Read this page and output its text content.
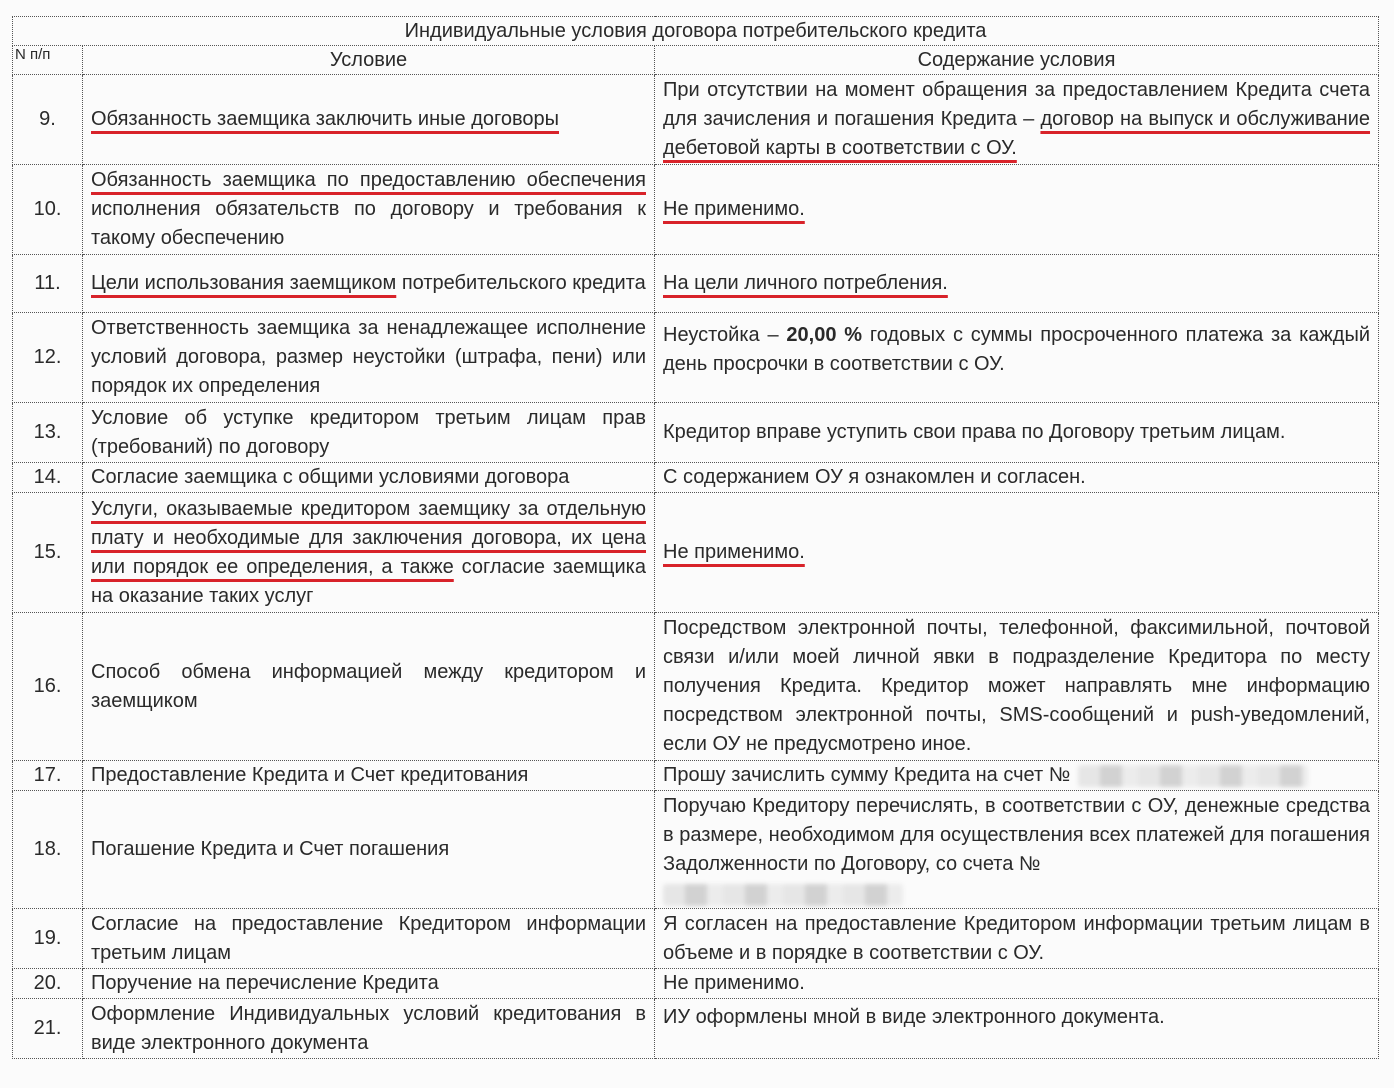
Индивидуальные условия договора потребительского кредита		
N п/п	Условие	Содержание условия
9.	Обязанность заемщика заключить иные договоры	При отсутствии на момент обращения за предоставлением Кредита счета для зачисления и погашения Кредита – договор на выпуск и обслуживание дебетовой карты в соответствии с ОУ.
10.	Обязанность заемщика по предоставлению обеспечения исполнения обязательств по договору и требования к такому обеспечению	Не применимо.
11.	Цели использования заемщиком потребительского кредита	На цели личного потребления.
12.	Ответственность заемщика за ненадлежащее исполнение условий договора, размер неустойки (штрафа, пени) или порядок их определения	Неустойка – 20,00 % годовых с суммы просроченного платежа за каждый день просрочки в соответствии с ОУ.
13.	Условие об уступке кредитором третьим лицам прав (требований) по договору	Кредитор вправе уступить свои права по Договору третьим лицам.
14.	Согласие заемщика с общими условиями договора	С содержанием ОУ я ознакомлен и согласен.
15.	Услуги, оказываемые кредитором заемщику за отдельную плату и необходимые для заключения договора, их цена или порядок ее определения, а также согласие заемщика на оказание таких услуг	Не применимо.
16.	Способ обмена информацией между кредитором и заемщиком	Посредством электронной почты, телефонной, факсимильной, почтовой связи и/или моей личной явки в подразделение Кредитора по месту получения Кредита. Кредитор может направлять мне информацию посредством электронной почты, SMS-сообщений и push-уведомлений, если ОУ не предусмотрено иное.
17.	Предоставление Кредита и Счет кредитования	Прошу зачислить сумму Кредита на счет №
18.	Погашение Кредита и Счет погашения	Поручаю Кредитору перечислять, в соответствии с ОУ, денежные средства в размере, необходимом для осуществления всех платежей для погашения Задолженности по Договору, со счета №

19.	Согласие на предоставление Кредитором информации третьим лицам	Я согласен на предоставление Кредитором информации третьим лицам в объеме и в порядке в соответствии с ОУ.
20.	Поручение на перечисление Кредита	Не применимо.
21.	Оформление Индивидуальных условий кредитования в виде электронного документа	ИУ оформлены мной в виде электронного документа.
